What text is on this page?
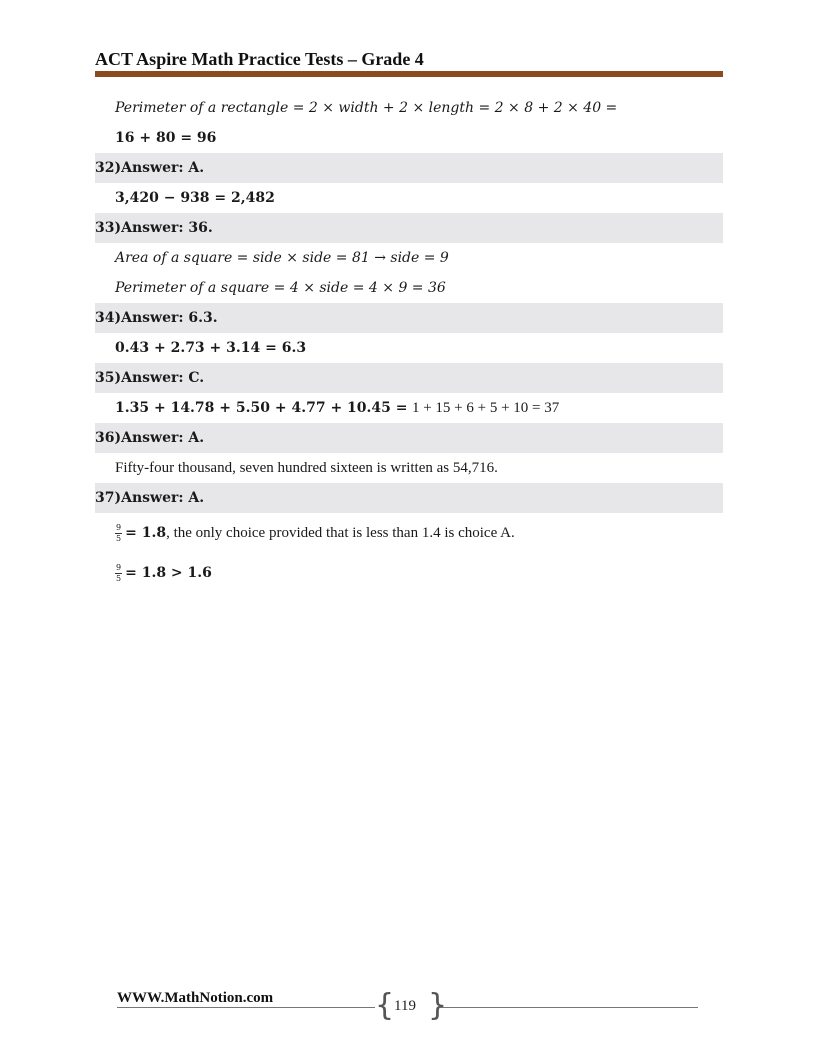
ACT Aspire Math Practice Tests – Grade 4
Perimeter of a rectangle = 2 × width + 2 × length = 2 × 8 + 2 × 40 =
16 + 80 = 96
32)Answer: A.
3,420 − 938 = 2,482
33)Answer: 36.
Area of a square = side × side = 81 → side = 9
Perimeter of a square = 4 × side = 4 × 9 = 36
34)Answer: 6.3.
0.43 + 2.73 + 3.14 = 6.3
35)Answer: C.
1.35 + 14.78 + 5.50 + 4.77 + 10.45 =
1 + 15 + 6 + 5 + 10 = 37
36)Answer: A.
Fifty-four thousand, seven hundred sixteen is written as 54,716.
37)Answer: A.
$\frac{9}{5} = 1.8$ , the only choice provided that is less than 1.4 is choice A.
$\frac{9}{5} = 1.8 > 1.6$
WWW.MathNotion.com	{ 119 }
